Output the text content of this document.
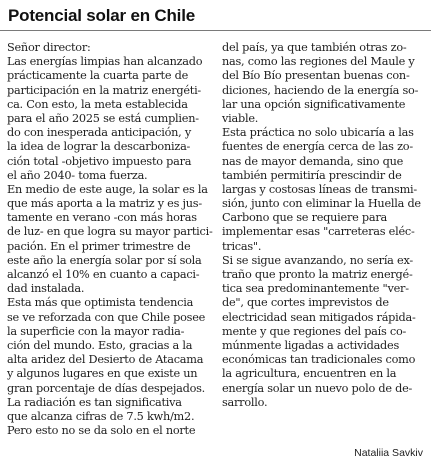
Potencial solar en Chile
Señor director:
Las energías limpias han alcanzado
prácticamente la cuarta parte de
participación en la matriz energéti-
ca. Con esto, la meta establecida
para el año 2025 se está cumplien-
do con inesperada anticipación, y
la idea de lograr la descarboniza-
ción total -objetivo impuesto para
el año 2040- toma fuerza.
En medio de este auge, la solar es la
que más aporta a la matriz y es jus-
tamente en verano -con más horas
de luz- en que logra su mayor partici-
pación. En el primer trimestre de
este año la energía solar por sí sola
alcanzó el 10% en cuanto a capaci-
dad instalada.
Esta más que optimista tendencia
se ve reforzada con que Chile posee
la superficie con la mayor radia-
ción del mundo. Esto, gracias a la
alta aridez del Desierto de Atacama
y algunos lugares en que existe un
gran porcentaje de días despejados.
La radiación es tan significativa
que alcanza cifras de 7.5 kwh/m2.
Pero esto no se da solo en el norte
del país, ya que también otras zo-
nas, como las regiones del Maule y
del Bío Bío presentan buenas con-
diciones, haciendo de la energía so-
lar una opción significativamente
viable.
Esta práctica no solo ubicaría a las
fuentes de energía cerca de las zo-
nas de mayor demanda, sino que
también permitiría prescindir de
largas y costosas líneas de transmi-
sión, junto con eliminar la Huella de
Carbono que se requiere para
implementar esas "carreteras eléc-
tricas".
Si se sigue avanzando, no sería ex-
traño que pronto la matriz energé-
tica sea predominantemente "ver-
de", que cortes imprevistos de
electricidad sean mitigados rápida-
mente y que regiones del país co-
múnmente ligadas a actividades
económicas tan tradicionales como
la agricultura, encuentren en la
energía solar un nuevo polo de de-
sarrollo.

Nataliia Savkiv
